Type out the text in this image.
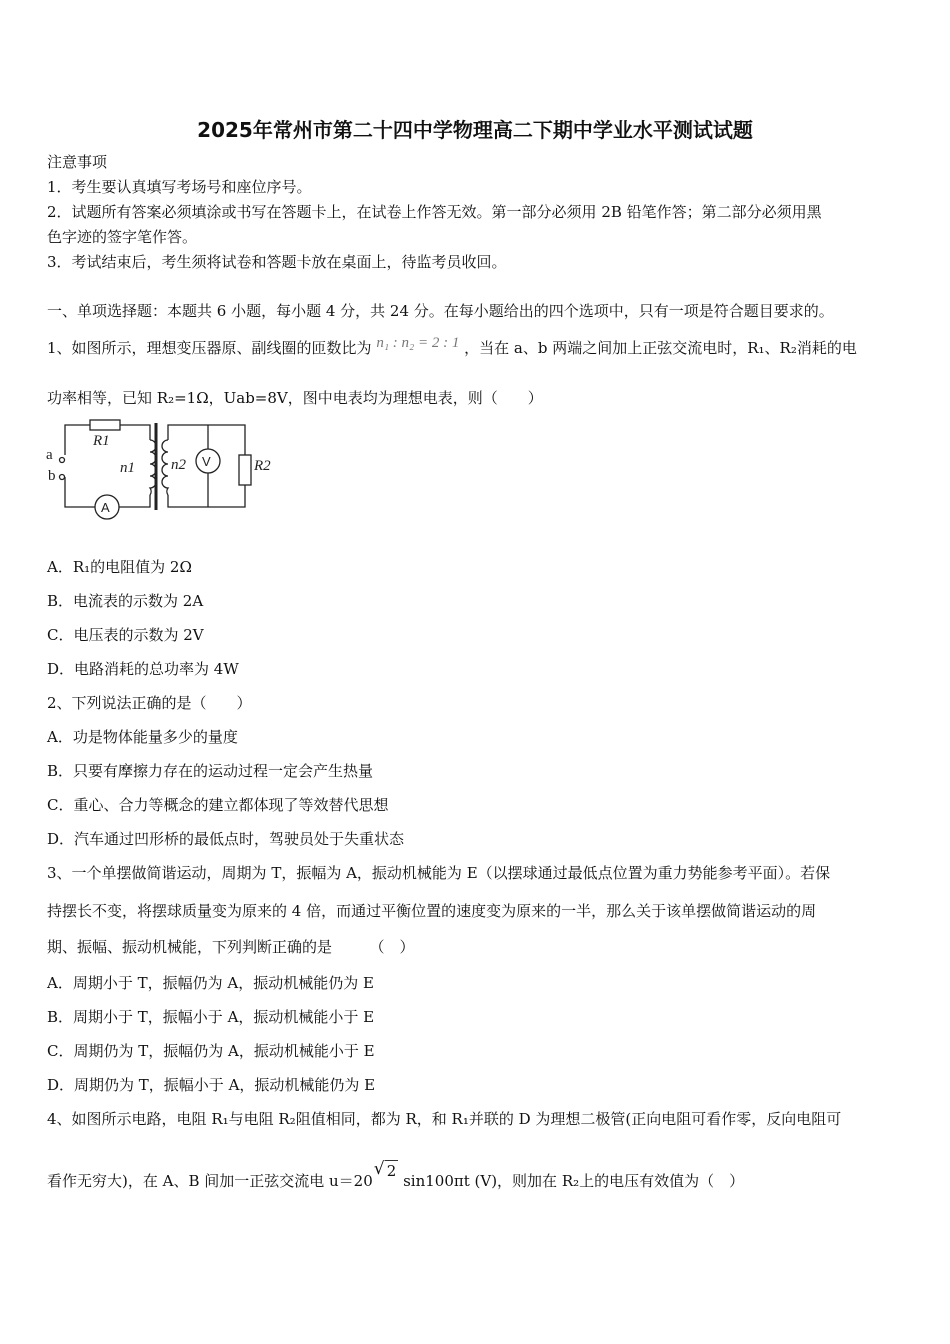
2025年常州市第二十四中学物理高二下期中学业水平测试试题
注意事项
1．考生要认真填写考场号和座位序号。
2．试题所有答案必须填涂或书写在答题卡上，在试卷上作答无效。第一部分必须用 2B 铅笔作答；第二部分必须用黑
色字迹的签字笔作答。
3．考试结束后，考生须将试卷和答题卡放在桌面上，待监考员收回。
一、单项选择题：本题共 6 小题，每小题 4 分，共 24 分。在每小题给出的四个选项中，只有一项是符合题目要求的。
1、如图所示，理想变压器原、副线圈的匝数比为 n₁ : n₂ = 2 : 1 ，当在 a、b 两端之间加上正弦交流电时，R₁、R₂消耗的电
功率相等，已知 R₂=1Ω，Uab=8V，图中电表均为理想电表，则（　　）
a
b
R1
n1 n2 V	R2
A
A．R₁的电阻值为 2Ω
B．电流表的示数为 2A
C．电压表的示数为 2V
D．电路消耗的总功率为 4W
2、下列说法正确的是（　　）
A．功是物体能量多少的量度
B．只要有摩擦力存在的运动过程一定会产生热量
C．重心、合力等概念的建立都体现了等效替代思想
D．汽车通过凹形桥的最低点时，驾驶员处于失重状态
3、一个单摆做简谐运动，周期为 T，振幅为 A，振动机械能为 E（以摆球通过最低点位置为重力势能参考平面）。若保
持摆长不变，将摆球质量变为原来的 4 倍，而通过平衡位置的速度变为原来的一半，那么关于该单摆做简谐运动的周
期、振幅、振动机械能，下列判断正确的是　　　（　）
A．周期小于 T，振幅仍为 A，振动机械能仍为 E
B．周期小于 T，振幅小于 A，振动机械能小于 E
C．周期仍为 T，振幅仍为 A，振动机械能小于 E
D．周期仍为 T，振幅小于 A，振动机械能仍为 E
4、如图所示电路，电阻 R₁与电阻 R₂阻值相同，都为 R，和 R₁并联的 D 为理想二极管(正向电阻可看作零，反向电阻可
看作无穷大)，在 A、B 间加一正弦交流电 u＝20
√ 2 sin100πt (V)，则加在 R₂上的电压有效值为（　）
